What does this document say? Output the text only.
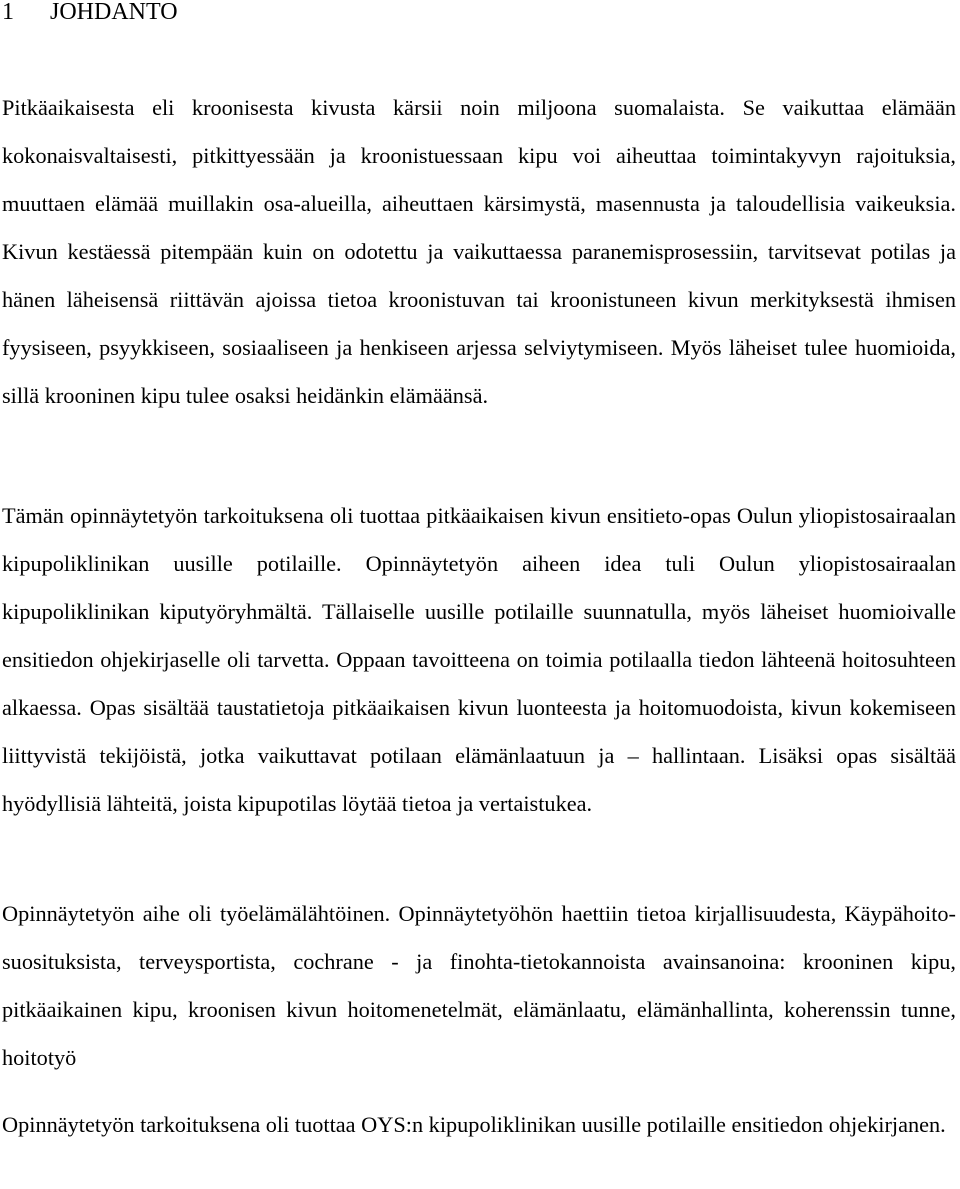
1 JOHDANTO

Pitkäaikaisesta eli kroonisesta kivusta kärsii noin miljoona suomalaista. Se vaikuttaa elämään kokonaisvaltaisesti, pitkittyessään ja kroonistuessaan kipu voi aiheuttaa toimintakyvyn rajoituksia, muuttaen elämää muillakin osa-alueilla, aiheuttaen kärsimystä, masennusta ja taloudellisia vaikeuksia. Kivun kestäessä pitempään kuin on odotettu ja vaikuttaessa paranemisprosessiin, tarvitsevat potilas ja hänen läheisensä riittävän ajoissa tietoa kroonistuvan tai kroonistuneen kivun merkityksestä ihmisen fyysiseen, psyykkiseen, sosiaaliseen ja henkiseen arjessa selviytymiseen. Myös läheiset tulee huomioida, sillä krooninen kipu tulee osaksi heidänkin elämäänsä.

Tämän opinnäytetyön tarkoituksena oli tuottaa pitkäaikaisen kivun ensitieto-opas Oulun yliopistosairaalan kipupoliklinikan uusille potilaille. Opinnäytetyön aiheen idea tuli Oulun yliopistosairaalan kipupoliklinikan kiputyöryhmältä. Tällaiselle uusille potilaille suunnatulla, myös läheiset huomioivalle ensitiedon ohjekirjaselle oli tarvetta. Oppaan tavoitteena on toimia potilaalla tiedon lähteenä hoitosuhteen alkaessa. Opas sisältää taustatietoja pitkäaikaisen kivun luonteesta ja hoitomuodoista, kivun kokemiseen liittyvistä tekijöistä, jotka vaikuttavat potilaan elämänlaatuun ja – hallintaan. Lisäksi opas sisältää hyödyllisiä lähteitä, joista kipupotilas löytää tietoa ja vertaistukea.

Opinnäytetyön aihe oli työelämälähtöinen. Opinnäytetyöhön haettiin tietoa kirjallisuudesta, Käypähoito-suosituksista, terveysportista, cochrane - ja finohta-tietokannoista avainsanoina: krooninen kipu, pitkäaikainen kipu, kroonisen kivun hoitomenetelmät, elämänlaatu, elämänhallinta, koherenssin tunne, hoitotyö

Opinnäytetyön tarkoituksena oli tuottaa OYS:n kipupoliklinikan uusille potilaille ensitiedon ohjekirjanen.
